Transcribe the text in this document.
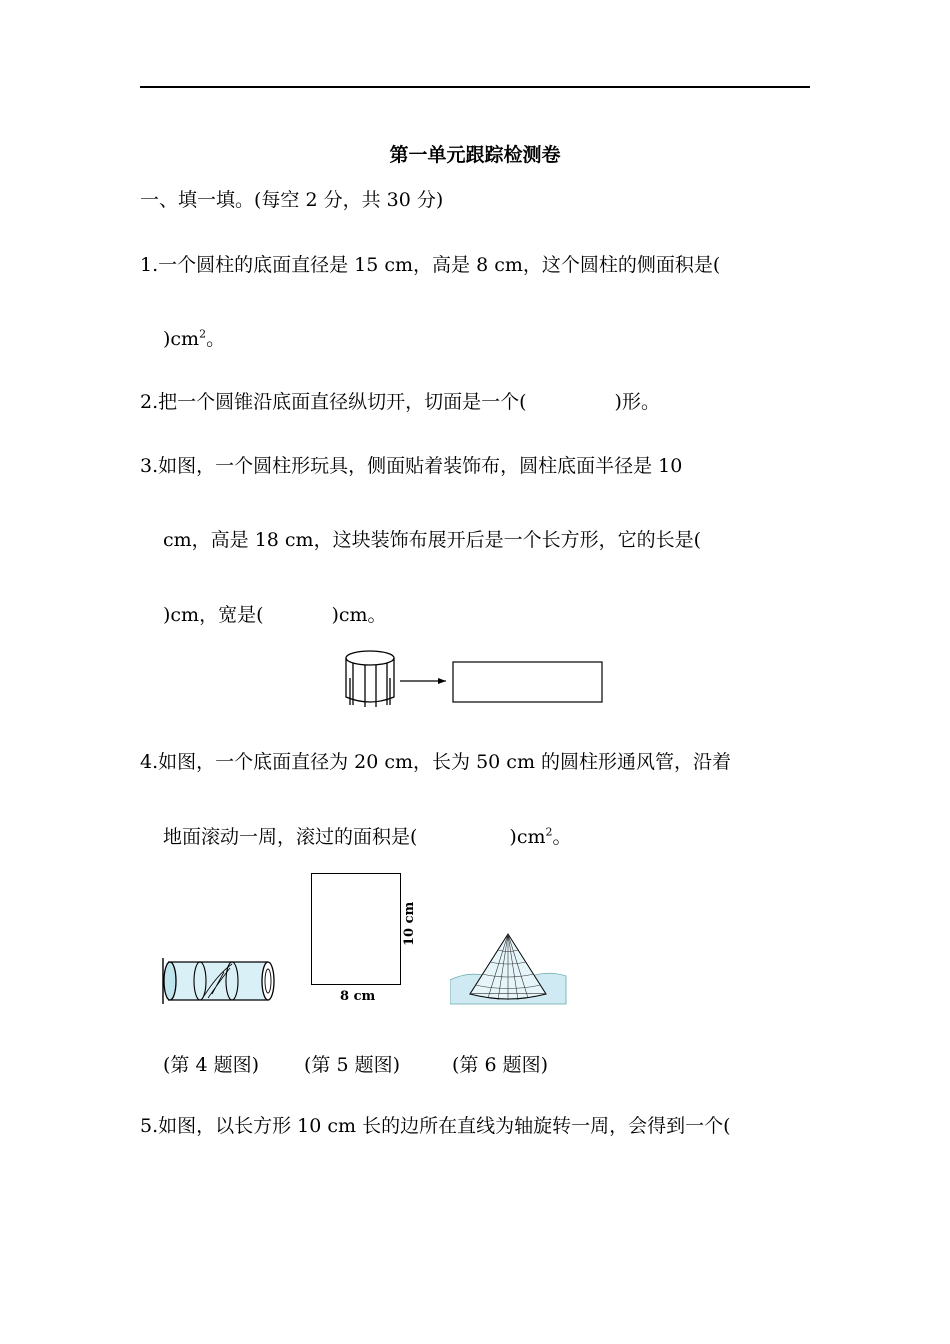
第一单元跟踪检测卷
一、填一填。(每空 2 分，共 30 分)
1.一个圆柱的底面直径是 15 cm，高是 8 cm，这个圆柱的侧面积是(
)$cm^2$。
2.把一个圆锥沿底面直径纵切开，切面是一个(	)形。
3.如图，一个圆柱形玩具，侧面贴着装饰布，圆柱底面半径是 10
cm，高是 18 cm，这块装饰布展开后是一个长方形，它的长是(
)cm，宽是(	)cm。
4.如图，一个底面直径为 20 cm，长为 50 cm 的圆柱形通风管，沿着
地面滚动一周，滚过的面积是(	)$cm^2$。
10 cm
8 cm
(第 4 题图) (第 5 题图)	(第 6 题图)
5.如图，以长方形 10 cm 长的边所在直线为轴旋转一周，会得到一个(
